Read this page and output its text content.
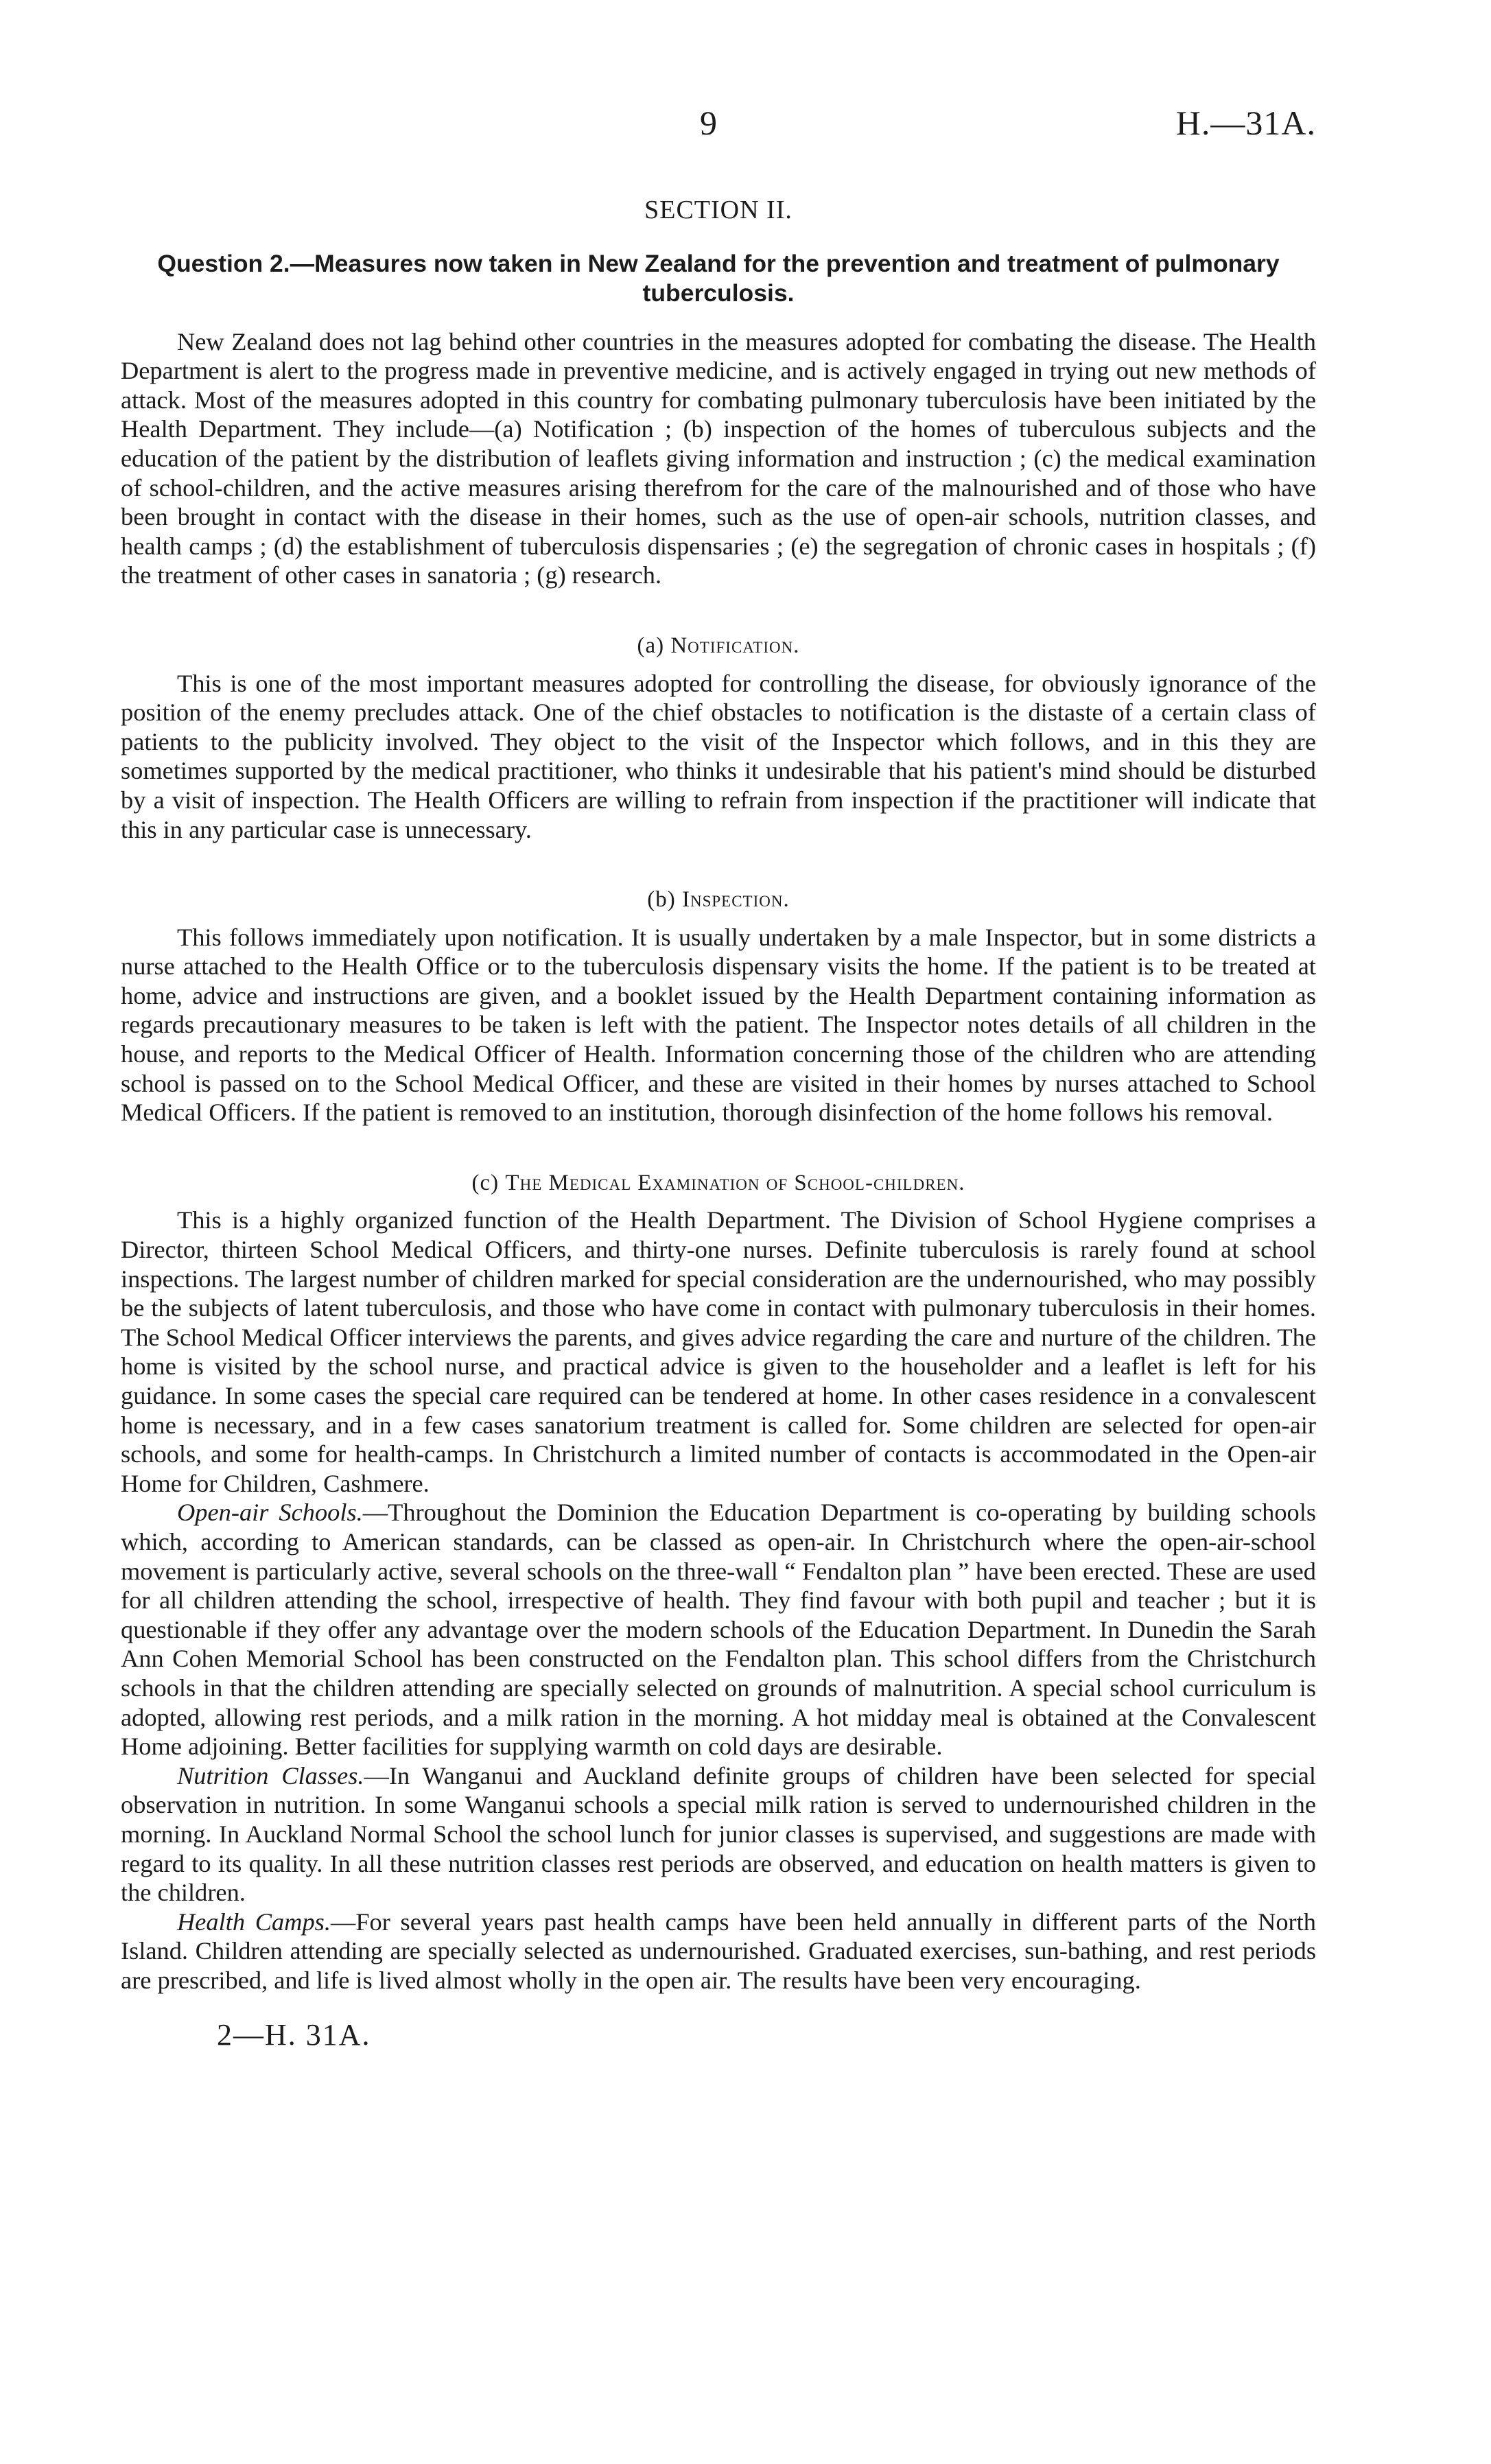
9	H.—31A.
SECTION II.
Question 2.—Measures now taken in New Zealand for the prevention and treatment of pulmonary tuberculosis.

New Zealand does not lag behind other countries in the measures adopted for combating the disease. The Health Department is alert to the progress made in preventive medicine, and is actively engaged in trying out new methods of attack. Most of the measures adopted in this country for combating pulmonary tuberculosis have been initiated by the Health Department. They include—(a) Notification ; (b) inspection of the homes of tuberculous subjects and the education of the patient by the distribution of leaflets giving information and instruction ; (c) the medical examination of school-children, and the active measures arising therefrom for the care of the malnourished and of those who have been brought in contact with the disease in their homes, such as the use of open-air schools, nutrition classes, and health camps ; (d) the establishment of tuberculosis dispensaries ; (e) the segregation of chronic cases in hospitals ; (f) the treatment of other cases in sanatoria ; (g) research.

(a) Notification.

This is one of the most important measures adopted for controlling the disease, for obviously ignorance of the position of the enemy precludes attack. One of the chief obstacles to notification is the distaste of a certain class of patients to the publicity involved. They object to the visit of the Inspector which follows, and in this they are sometimes supported by the medical practitioner, who thinks it undesirable that his patient's mind should be disturbed by a visit of inspection. The Health Officers are willing to refrain from inspection if the practitioner will indicate that this in any particular case is unnecessary.

(b) Inspection.

This follows immediately upon notification. It is usually undertaken by a male Inspector, but in some districts a nurse attached to the Health Office or to the tuberculosis dispensary visits the home. If the patient is to be treated at home, advice and instructions are given, and a booklet issued by the Health Department containing information as regards precautionary measures to be taken is left with the patient. The Inspector notes details of all children in the house, and reports to the Medical Officer of Health. Information concerning those of the children who are attending school is passed on to the School Medical Officer, and these are visited in their homes by nurses attached to School Medical Officers. If the patient is removed to an institution, thorough disinfection of the home follows his removal.

(c) The Medical Examination of School-children.

This is a highly organized function of the Health Department. The Division of School Hygiene comprises a Director, thirteen School Medical Officers, and thirty-one nurses. Definite tuberculosis is rarely found at school inspections. The largest number of children marked for special consideration are the undernourished, who may possibly be the subjects of latent tuberculosis, and those who have come in contact with pulmonary tuberculosis in their homes. The School Medical Officer interviews the parents, and gives advice regarding the care and nurture of the children. The home is visited by the school nurse, and practical advice is given to the householder and a leaflet is left for his guidance. In some cases the special care required can be tendered at home. In other cases residence in a convalescent home is necessary, and in a few cases sanatorium treatment is called for. Some children are selected for open-air schools, and some for health-camps. In Christchurch a limited number of contacts is accommodated in the Open-air Home for Children, Cashmere.

Open-air Schools.—Throughout the Dominion the Education Department is co-operating by building schools which, according to American standards, can be classed as open-air. In Christchurch where the open-air-school movement is particularly active, several schools on the three-wall “ Fendalton plan ” have been erected. These are used for all children attending the school, irrespective of health. They find favour with both pupil and teacher ; but it is questionable if they offer any advantage over the modern schools of the Education Department. In Dunedin the Sarah Ann Cohen Memorial School has been constructed on the Fendalton plan. This school differs from the Christchurch schools in that the children attending are specially selected on grounds of malnutrition. A special school curriculum is adopted, allowing rest periods, and a milk ration in the morning. A hot midday meal is obtained at the Convalescent Home adjoining. Better facilities for supplying warmth on cold days are desirable.

Nutrition Classes.—In Wanganui and Auckland definite groups of children have been selected for special observation in nutrition. In some Wanganui schools a special milk ration is served to undernourished children in the morning. In Auckland Normal School the school lunch for junior classes is supervised, and suggestions are made with regard to its quality. In all these nutrition classes rest periods are observed, and education on health matters is given to the children.

Health Camps.—For several years past health camps have been held annually in different parts of the North Island. Children attending are specially selected as undernourished. Graduated exercises, sun-bathing, and rest periods are prescribed, and life is lived almost wholly in the open air. The results have been very encouraging.

2—H. 31A.
